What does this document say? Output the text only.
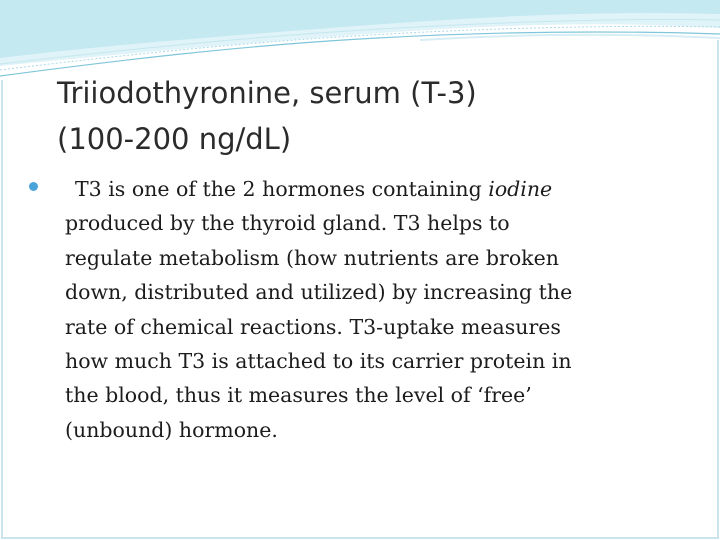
Triiodothyronine, serum (T-3)
(100-200 ng/dL)
T3 is one of the 2 hormones containing iodine
produced by the thyroid gland. T3 helps to
regulate metabolism (how nutrients are broken
down, distributed and utilized) by increasing the
rate of chemical reactions. T3-uptake measures
how much T3 is attached to its carrier protein in
the blood, thus it measures the level of ‘free’
(unbound) hormone.
